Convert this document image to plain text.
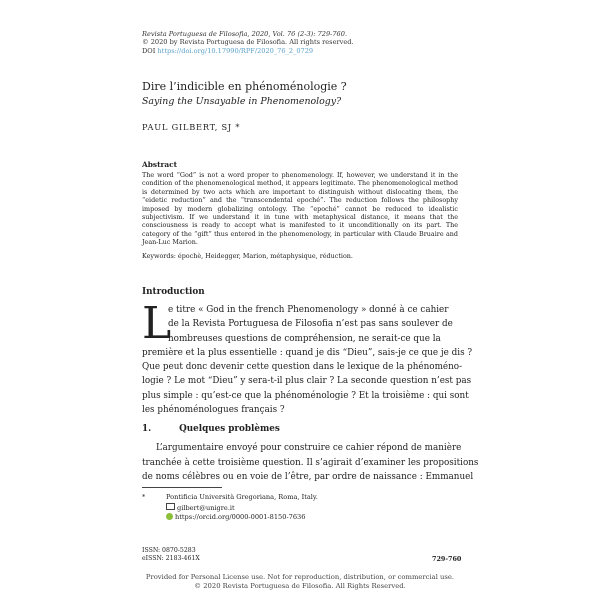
Revista Portuguesa de Filosofia, 2020, Vol. 76 (2-3): 729-760.
© 2020 by Revista Portuguesa de Filosofia. All rights reserved.
DOI https://doi.org/10.17990/RPF/2020_76_2_0729
Dire l’indicible en phénoménologie ?
Saying the Unsayable in Phenomenology?
PAUL GILBERT, SJ *
Abstract
The word “God” is not a word proper to phenomenology. If, however, we understand it in the condition of the phenomenological method, it appears legitimate. The phenomenological method is determined by two acts which are important to distinguish without dislocating them, the “eidetic reduction” and the “transcendental epoché”. The reduction follows the philosophy imposed by modern globalizing ontology. The “epoché” cannot be reduced to idealistic subjectivism. If we understand it in tune with metaphysical distance, it means that the consciousness is ready to accept what is manifested to it unconditionally on its part. The category of the “gift” thus entered in the phenomenology, in particular with Claude Bruaire and Jean-Luc Marion.
Keywords: épochè, Heidegger, Marion, métaphysique, réduction.
Introduction
L
e titre « God in the french Phenomenology » donné à ce cahier
de la Revista Portuguesa de Filosofia n’est pas sans soulever de
nombreuses questions de compréhension, ne serait-ce que la
première et la plus essentielle : quand je dis “Dieu”, sais-je ce que je dis ?
Que peut donc devenir cette question dans le lexique de la phénoméno-
logie ? Le mot “Dieu” y sera-t-il plus clair ? La seconde question n’est pas
plus simple : qu’est-ce que la phénoménologie ? Et la troisième : qui sont
les phénoménologues français ?
1.	Quelques problèmes
L’argumentaire envoyé pour construire ce cahier répond de manière
tranchée à cette troisième question. Il s’agirait d’examiner les propositions
de noms célèbres ou en voie de l’être, par ordre de naissance : Emmanuel
*	Pontificia Università Gregoriana, Roma, Italy.
gilbert@unigre.it
https://orcid.org/0000-0001-8150-7636
ISSN: 0870-5283
eISSN: 2183-461X	729-760
Provided for Personal License use. Not for reproduction, distribution, or commercial use.
© 2020 Revista Portuguesa de Filosofia. All Rights Reserved.
